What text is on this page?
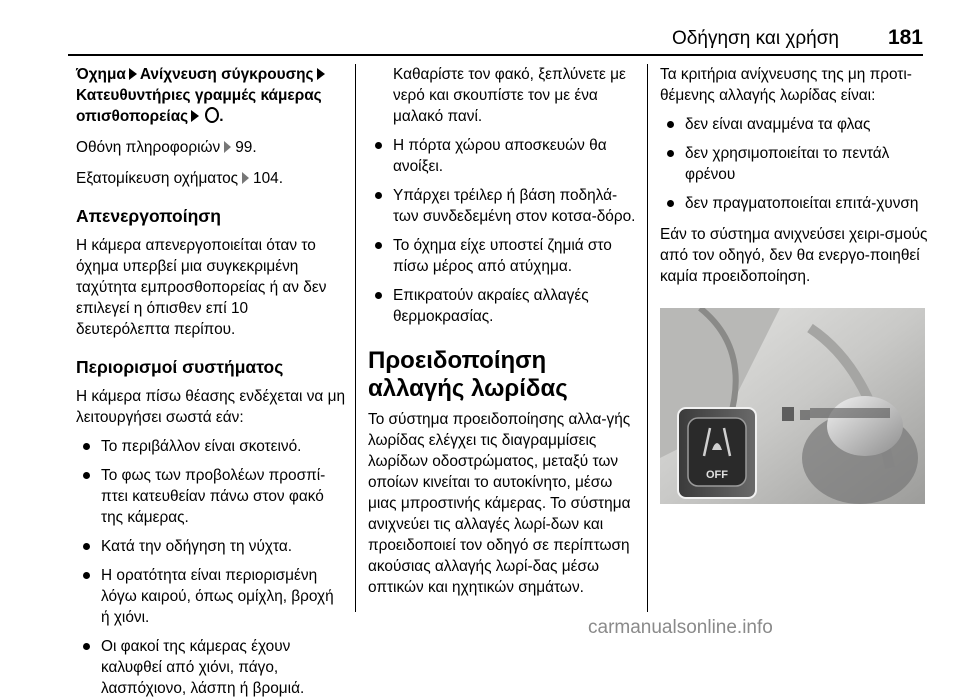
Οδήγηση και χρήση 181

Όχημα Ανίχνευση σύγκρουσηςΚατευθυντήριες γραμμές κάμερας οπισθοπορείας .

Οθόνη πληροφοριών 99.

Εξατομίκευση οχήματος 104.

Απενεργοποίηση

Η κάμερα απενεργοποιείται όταν το όχημα υπερβεί μια συγκεκριμένη ταχύτητα εμπροσθοπορείας ή αν δεν επιλεγεί η όπισθεν επί 10 δευτερόλεπτα περίπου.

Περιορισμοί συστήματος

Η κάμερα πίσω θέασης ενδέχεται να μη λειτουργήσει σωστά εάν:

Το περιβάλλον είναι σκοτεινό.
Το φως των προβολέων προσπί-πτει κατευθείαν πάνω στον φακό της κάμερας.
Κατά την οδήγηση τη νύχτα.
Η ορατότητα είναι περιορισμένη λόγω καιρού, όπως ομίχλη, βροχή ή χιόνι.
Οι φακοί της κάμερας έχουν καλυφθεί από χιόνι, πάγο, λασπόχιονο, λάσπη ή βρομιά.

Καθαρίστε τον φακό, ξεπλύνετε με νερό και σκουπίστε τον με ένα μαλακό πανί.

Η πόρτα χώρου αποσκευών θα ανοίξει.
Υπάρχει τρέιλερ ή βάση ποδηλά-των συνδεδεμένη στον κοτσα-δόρο.
Το όχημα είχε υποστεί ζημιά στο πίσω μέρος από ατύχημα.
Επικρατούν ακραίες αλλαγές θερμοκρασίας.

Προειδοποίηση αλλαγής λωρίδας

Το σύστημα προειδοποίησης αλλα-γής λωρίδας ελέγχει τις διαγραμμίσεις λωρίδων οδοστρώματος, μεταξύ των οποίων κινείται το αυτοκίνητο, μέσω μιας μπροστινής κάμερας. Το σύστημα ανιχνεύει τις αλλαγές λωρί-δων και προειδοποιεί τον οδηγό σε περίπτωση ακούσιας αλλαγής λωρί-δας μέσω οπτικών και ηχητικών σημάτων.

Τα κριτήρια ανίχνευσης της μη προτι-θέμενης αλλαγής λωρίδας είναι:

δεν είναι αναμμένα τα φλας
δεν χρησιμοποιείται το πεντάλ φρένου
δεν πραγματοποιείται επιτά-χυνση

Εάν το σύστημα ανιχνεύσει χειρι-σμούς από τον οδηγό, δεν θα ενεργο-ποιηθεί καμία προειδοποίηση.

OFF
carmanualsonline.info
